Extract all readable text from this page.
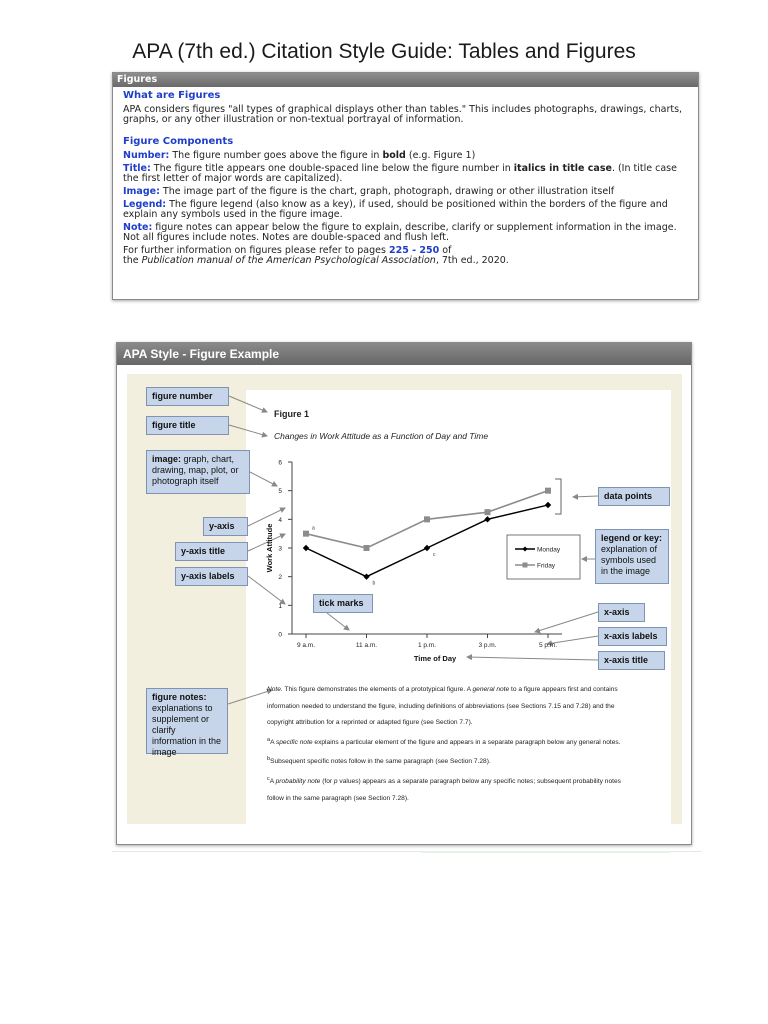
APA (7th ed.) Citation Style Guide: Tables and Figures
Figures
What are Figures
APA considers figures "all types of graphical displays other than tables." This includes photographs, drawings, charts, graphs, or any other illustration or non-textual portrayal of information.
Figure Components
Number: The figure number goes above the figure in bold (e.g. Figure 1)
Title: The figure title appears one double-spaced line below the figure number in italics in title case. (In title case the first letter of major words are capitalized).
Image: The image part of the figure is the chart, graph, photograph, drawing or other illustration itself
Legend: The figure legend (also know as a key), if used, should be positioned within the borders of the figure and explain any symbols used in the figure image.
Note: figure notes can appear below the figure to explain, describe, clarify or supplement information in the image. Not all figures include notes. Notes are double-spaced and flush left.
For further information on figures please refer to pages 225 - 250 of
the Publication manual of the American Psychological Association, 7th ed., 2020.
APA Style - Figure Example
0
1
2
3
4
5
6
9 a.m.	11 a.m.	1 p.m.	3 p.m.	5 p.m.
Time of Day
Work Attitude
b
c
a
Monday
Friday
Figure 1
Changes in Work Attitude as a Function of Day and Time
figure number
figure title
image: graph, chart, drawing, map, plot, or photograph itself
y-axis
y-axis title
y-axis labels
tick marks
data points
legend or key:
explanation of symbols used in the image
x-axis
x-axis labels
x-axis title
figure notes:
explanations to supplement or clarify information in the image

Note. This figure demonstrates the elements of a prototypical figure. A general note to a figure appears first and contains information needed to understand the figure, including definitions of abbreviations (see Sections 7.15 and 7.28) and the copyright attribution for a reprinted or adapted figure (see Section 7.7).

$^a$A specific note explains a particular element of the figure and appears in a separate paragraph below any general notes. $^b$Subsequent specific notes follow in the same paragraph (see Section 7.28).

$^c$A probability note (for p values) appears as a separate paragraph below any specific notes; subsequent probability notes follow in the same paragraph (see Section 7.28).
